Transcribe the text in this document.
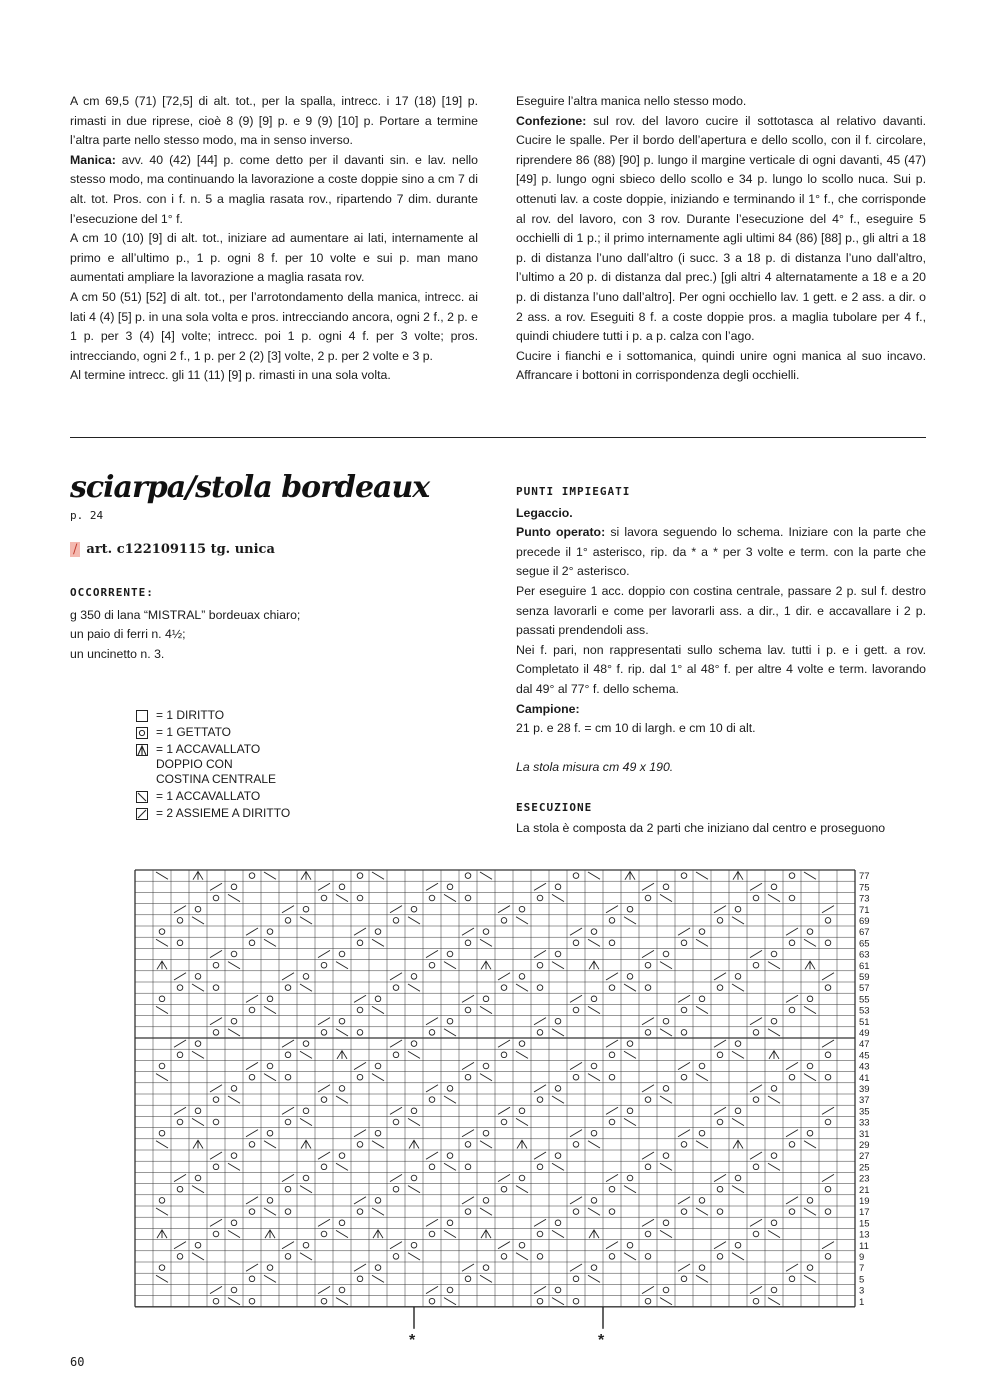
A cm 69,5 (71) [72,5] di alt. tot., per la spalla, intrecc. i 17 (18) [19] p. rimasti in due riprese, cioè 8 (9) [9] p. e 9 (9) [10] p. Portare a termine l’altra parte nello stesso modo, ma in senso inverso.

Manica: avv. 40 (42) [44] p. come detto per il davanti sin. e lav. nello stesso modo, ma continuando la lavorazione a coste doppie sino a cm 7 di alt. tot. Pros. con i f. n. 5 a maglia rasata rov., ripartendo 7 dim. durante l’esecuzione del 1° f.

A cm 10 (10) [9] di alt. tot., iniziare ad aumentare ai lati, internamente al primo e all’ultimo p., 1 p. ogni 8 f. per 10 volte e sui p. man mano aumentati ampliare la lavorazione a maglia rasata rov.

A cm 50 (51) [52] di alt. tot., per l’arrotondamento della manica, intrecc. ai lati 4 (4) [5] p. in una sola volta e pros. intrecciando ancora, ogni 2 f., 2 p. e 1 p. per 3 (4) [4] volte; intrecc. poi 1 p. ogni 4 f. per 3 volte; pros. intrecciando, ogni 2 f., 1 p. per 2 (2) [3] volte, 2 p. per 2 volte e 3 p.

Al termine intrecc. gli 11 (11) [9] p. rimasti in una sola volta.

Eseguire l’altra manica nello stesso modo.

Confezione: sul rov. del lavoro cucire il sottotasca al relativo davanti. Cucire le spalle. Per il bordo dell’apertura e dello scollo, con il f. circolare, riprendere 86 (88) [90] p. lungo il margine verticale di ogni davanti, 45 (47) [49] p. lungo ogni sbieco dello scollo e 34 p. lungo lo scollo nuca. Sui p. ottenuti lav. a coste doppie, iniziando e terminando il 1° f., che corrisponde al rov. del lavoro, con 3 rov. Durante l’esecuzione del 4° f., eseguire 5 occhielli di 1 p.; il primo internamente agli ultimi 84 (86) [88] p., gli altri a 18 p. di distanza l’uno dall’altro (i succ. 3 a 18 p. di distanza l’uno dall’altro, l’ultimo a 20 p. di distanza dal prec.) [gli altri 4 alternatamente a 18 e a 20 p. di distanza l’uno dall’altro]. Per ogni occhiello lav. 1 gett. e 2 ass. a dir. o 2 ass. a rov. Eseguiti 8 f. a coste doppie pros. a maglia tubolare per 4 f., quindi chiudere tutti i p. a p. calza con l’ago.

Cucire i fianchi e i sottomanica, quindi unire ogni manica al suo incavo. Affrancare i bottoni in corrispondenza degli occhielli.

sciarpa/stola bordeaux
p. 24
/ art. c122109115 tg. unica
OCCORRENTE:
g 350 di lana “MISTRAL” bordeuax chiaro;
un paio di ferri n. 4½;
un uncinetto n. 3.
= 1 DIRITTO
= 1 GETTATO
= 1 ACCAVALLATO
DOPPIO CON
COSTINA CENTRALE
= 1 ACCAVALLATO
= 2 ASSIEME A DIRITTO
PUNTI IMPIEGATI

Legaccio.

Punto operato: si lavora seguendo lo schema. Iniziare con la parte che precede il 1° asterisco, rip. da * a * per 3 volte e term. con la parte che segue il 2° asterisco.

Per eseguire 1 acc. doppio con costina centrale, passare 2 p. sul f. destro senza lavorarli e come per lavorarli ass. a dir., 1 dir. e accavallare i 2 p. passati prendendoli ass.

Nei f. pari, non rappresentati sullo schema lav. tutti i p. e i gett. a rov. Completato il 48° f. rip. dal 1° al 48° f. per altre 4 volte e term. lavorando dal 49° al 77° f. dello schema.

Campione:

21 p. e 28 f. = cm 10 di largh. e cm 10 di alt.

La stola misura cm 49 x 190.

ESECUZIONE

La stola è composta da 2 parti che iniziano dal centro e proseguono

77
75
73
71
69
67
65
63
61
59
57
55
53
51
49
47
45
43
41
39
37
35
33
31
29
27
25
23
21
19
17
15
13
11
9
7
5
3
1
*	*
60
